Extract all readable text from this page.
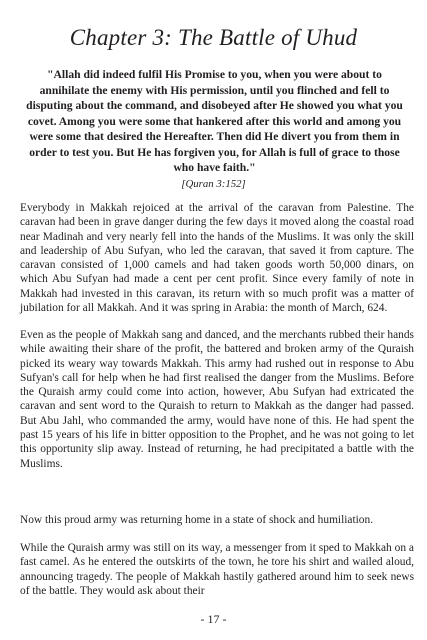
Chapter 3: The Battle of Uhud

"Allah did indeed fulfil His Promise to you, when you were about to annihilate the enemy with His permission, until you flinched and fell to disputing about the command, and disobeyed after He showed you what you covet. Among you were some that hankered after this world and among you were some that desired the Hereafter. Then did He divert you from them in order to test you. But He has forgiven you, for Allah is full of grace to those who have faith."

[Quran 3:152]

Everybody in Makkah rejoiced at the arrival of the caravan from Palestine. The caravan had been in grave danger during the few days it moved along the coastal road near Madinah and very nearly fell into the hands of the Muslims. It was only the skill and leadership of Abu Sufyan, who led the caravan, that saved it from capture. The caravan consisted of 1,000 camels and had taken goods worth 50,000 dinars, on which Abu Sufyan had made a cent per cent profit. Since every family of note in Makkah had invested in this caravan, its return with so much profit was a matter of jubilation for all Makkah. And it was spring in Arabia: the month of March, 624.

Even as the people of Makkah sang and danced, and the merchants rubbed their hands while awaiting their share of the profit, the battered and broken army of the Quraish picked its weary way towards Makkah. This army had rushed out in response to Abu Sufyan's call for help when he had first realised the danger from the Muslims. Before the Quraish army could come into action, however, Abu Sufyan had extricated the caravan and sent word to the Quraish to return to Makkah as the danger had passed. But Abu Jahl, who commanded the army, would have none of this. He had spent the past 15 years of his life in bitter opposition to the Prophet, and he was not going to let this opportunity slip away. Instead of returning, he had precipitated a battle with the Muslims.

Now this proud army was returning home in a state of shock and humiliation.

While the Quraish army was still on its way, a messenger from it sped to Makkah on a fast camel. As he entered the outskirts of the town, he tore his shirt and wailed aloud, announcing tragedy. The people of Makkah hastily gathered around him to seek news of the battle. They would ask about their

- 17 -
